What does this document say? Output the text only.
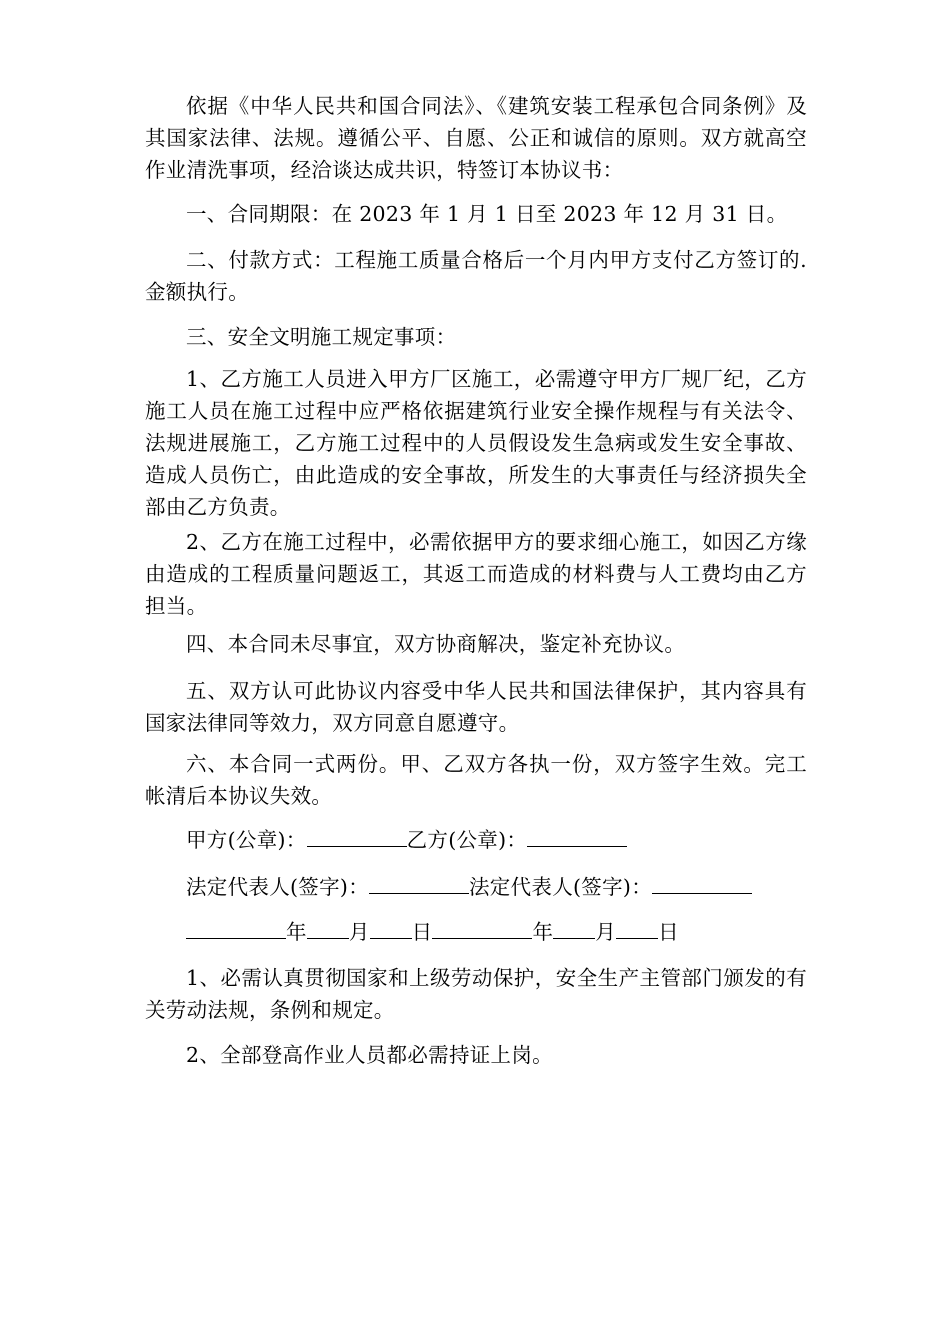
依据《中华人民共和国合同法》、《建筑安装工程承包合同条例》及其国家法律、法规。遵循公平、自愿、公正和诚信的原则。双方就高空作业清洗事项，经洽谈达成共识，特签订本协议书：

一、合同期限：在 2023 年 1 月 1 日至 2023 年 12 月 31 日。

二、付款方式：工程施工质量合格后一个月内甲方支付乙方签订的.金额执行。

三、安全文明施工规定事项：

1、乙方施工人员进入甲方厂区施工，必需遵守甲方厂规厂纪，乙方施工人员在施工过程中应严格依据建筑行业安全操作规程与有关法令、法规进展施工，乙方施工过程中的人员假设发生急病或发生安全事故、造成人员伤亡，由此造成的安全事故，所发生的大事责任与经济损失全部由乙方负责。

2、乙方在施工过程中，必需依据甲方的要求细心施工，如因乙方缘由造成的工程质量问题返工，其返工而造成的材料费与人工费均由乙方担当。

四、本合同未尽事宜，双方协商解决，鉴定补充协议。

五、双方认可此协议内容受中华人民共和国法律保护，其内容具有国家法律同等效力，双方同意自愿遵守。

六、本合同一式两份。甲、乙双方各执一份，双方签字生效。完工帐清后本协议失效。

甲方(公章)：	乙方(公章)：
法定代表人(签字)：	法定代表人(签字)：
年 月 日	年 月 日

1、必需认真贯彻国家和上级劳动保护，安全生产主管部门颁发的有关劳动法规，条例和规定。

2、全部登高作业人员都必需持证上岗。
